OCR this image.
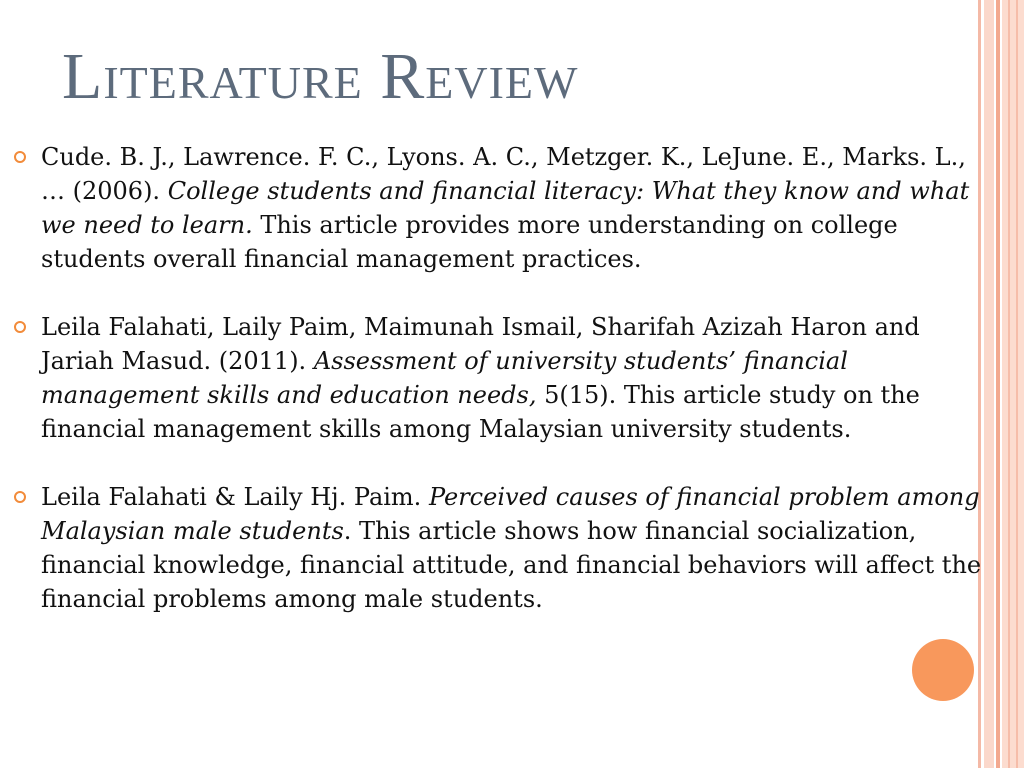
Literature Review
Cude. B. J., Lawrence. F. C., Lyons. A. C., Metzger. K., LeJune. E., Marks. L., … (2006). College students and financial literacy: What they know and what we need to learn. This article provides more understanding on college students overall financial management practices.
Leila Falahati, Laily Paim, Maimunah Ismail, Sharifah Azizah Haron and Jariah Masud. (2011). Assessment of university students’ financial management skills and education needs, 5(15). This article study on the financial management skills among Malaysian university students.
Leila Falahati & Laily Hj. Paim. Perceived causes of financial problem among Malaysian male students. This article shows how financial socialization, financial knowledge, financial attitude, and financial behaviors will affect the financial problems among male students.
